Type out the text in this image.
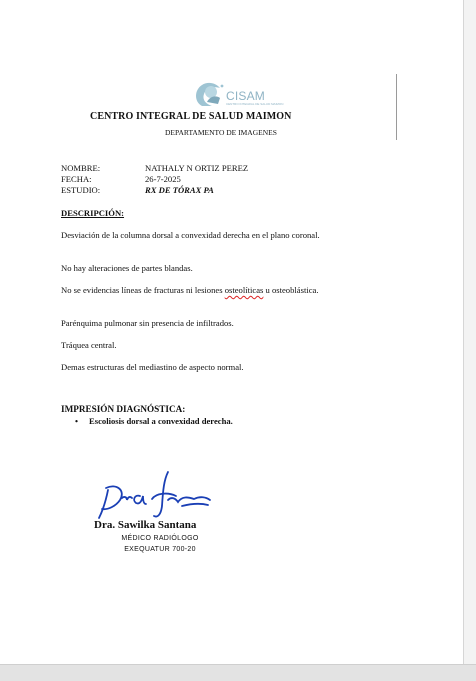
CISAM
CENTRO INTEGRAL DE SALUD MAIMON
CENTRO INTEGRAL DE SALUD MAIMON
DEPARTAMENTO DE IMAGENES
NOMBRE:	NATHALY N ORTIZ PEREZ
FECHA:	26-7-2025
ESTUDIO:	RX DE TÓRAX PA
DESCRIPCIÓN:
Desviación de la columna dorsal a convexidad derecha en el plano coronal.
No hay alteraciones de partes blandas.
No se evidencias líneas de fracturas ni lesiones osteolíticas u osteoblástica.
Parénquima pulmonar sin presencia de infiltrados.
Tráquea central.
Demas estructuras del mediastino de aspecto normal.
IMPRESIÓN DIAGNÓSTICA:
• Escoliosis dorsal a convexidad derecha.
Dra. Sawilka Santana
MÉDICO RADIÓLOGO
EXEQUATUR 700-20
